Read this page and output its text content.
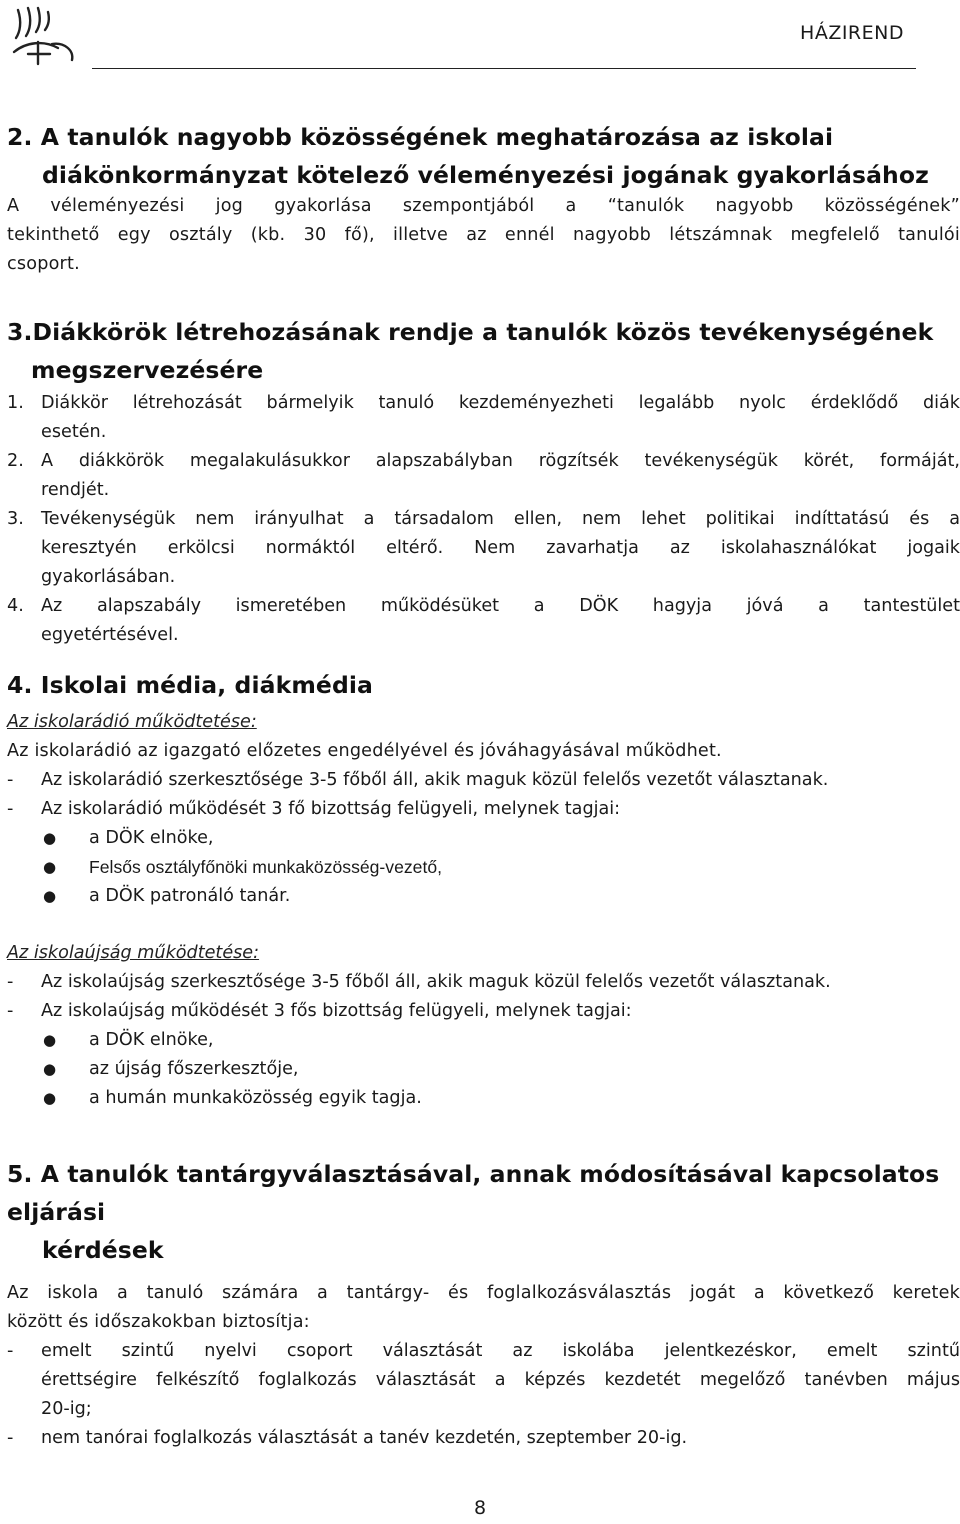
HÁZIREND
2. A tanulók nagyobb közösségének meghatározása az iskolai
diákönkormányzat kötelező véleményezési jogának gyakorlásához

A véleményezési jog gyakorlása szempontjából a “tanulók nagyobb közösségének”
tekinthető egy osztály (kb. 30 fő), illetve az ennél nagyobb létszámnak megfelelő tanulói
csoport.

3.Diákkörök létrehozásának rendje a tanulók közös tevékenységének
megszervezésére
1. Diákkör létrehozását bármelyik tanuló kezdeményezheti legalább nyolc érdeklődő diák
esetén.
2. A diákkörök megalakulásukkor alapszabályban rögzítsék tevékenységük körét, formáját,
rendjét.
3. Tevékenységük nem irányulhat a társadalom ellen, nem lehet politikai indíttatású és a
keresztyén erkölcsi normáktól eltérő. Nem zavarhatja az iskolahasználókat jogaik
gyakorlásában.
4. Az alapszabály ismeretében működésüket a DÖK hagyja jóvá a tantestület
egyetértésével.
4. Iskolai média, diákmédia

Az iskolarádió működtetése:

Az iskolarádió az igazgató előzetes engedélyével és jóváhagyásával működhet.

-	Az iskolarádió szerkesztősége 3-5 főből áll, akik maguk közül felelős vezetőt választanak.
-	Az iskolarádió működését 3 fő bizottság felügyeli, melynek tagjai:
●	a DÖK elnöke,
●	Felsős osztályfőnöki munkaközösség-vezető,
●	a DÖK patronáló tanár.

Az iskolaújság működtetése:

-	Az iskolaújság szerkesztősége 3-5 főből áll, akik maguk közül felelős vezetőt választanak.
-	Az iskolaújság működését 3 fős bizottság felügyeli, melynek tagjai:
●	a DÖK elnöke,
●	az újság főszerkesztője,
●	a humán munkaközösség egyik tagja.
5. A tanulók tantárgyválasztásával, annak módosításával kapcsolatos eljárási
kérdések

Az iskola a tanuló számára a tantárgy- és foglalkozásválasztás jogát a következő keretek
között és időszakokban biztosítja:

-	emelt szintű nyelvi csoport választását az iskolába jelentkezéskor, emelt szintű
érettségire felkészítő foglalkozás választását a képzés kezdetét megelőző tanévben május
20-ig;
-	nem tanórai foglalkozás választását a tanév kezdetén, szeptember 20-ig.
8
